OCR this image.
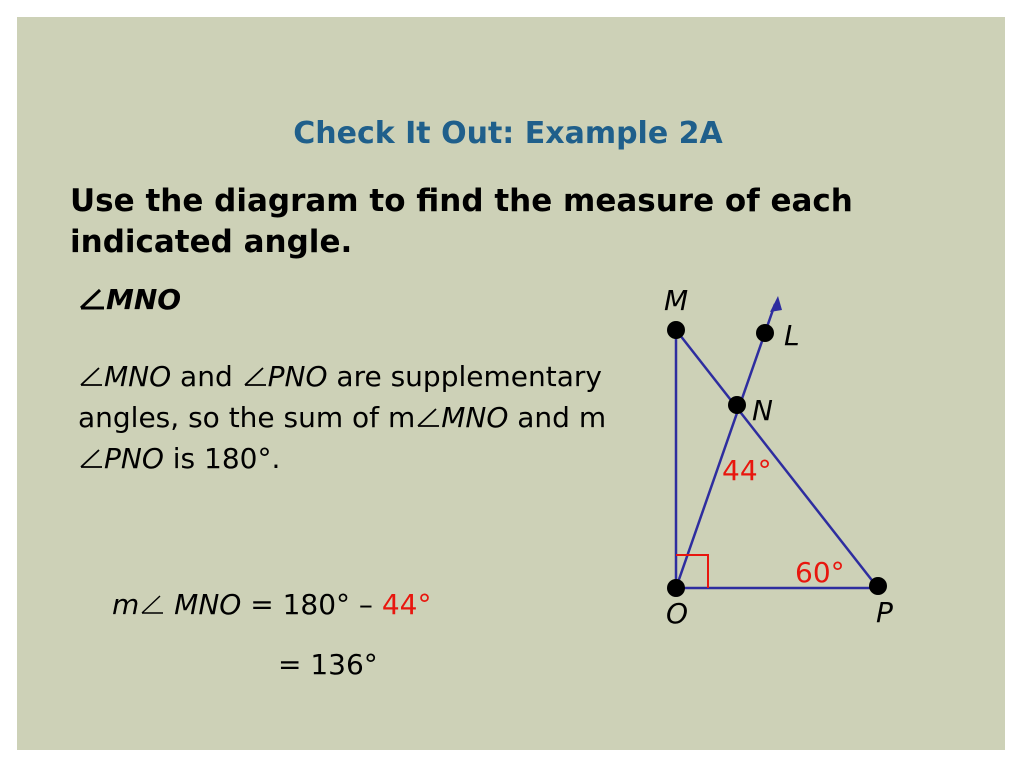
Check It Out: Example 2A
Use the diagram to find the measure of each indicated angle.
MNO
MNO and PNO are supplementary angles, so the sum of m MNO and mPNO is 180°.
m MNO = 180° – 44°
= 136°
M
L
N
O	P
44°
60°
